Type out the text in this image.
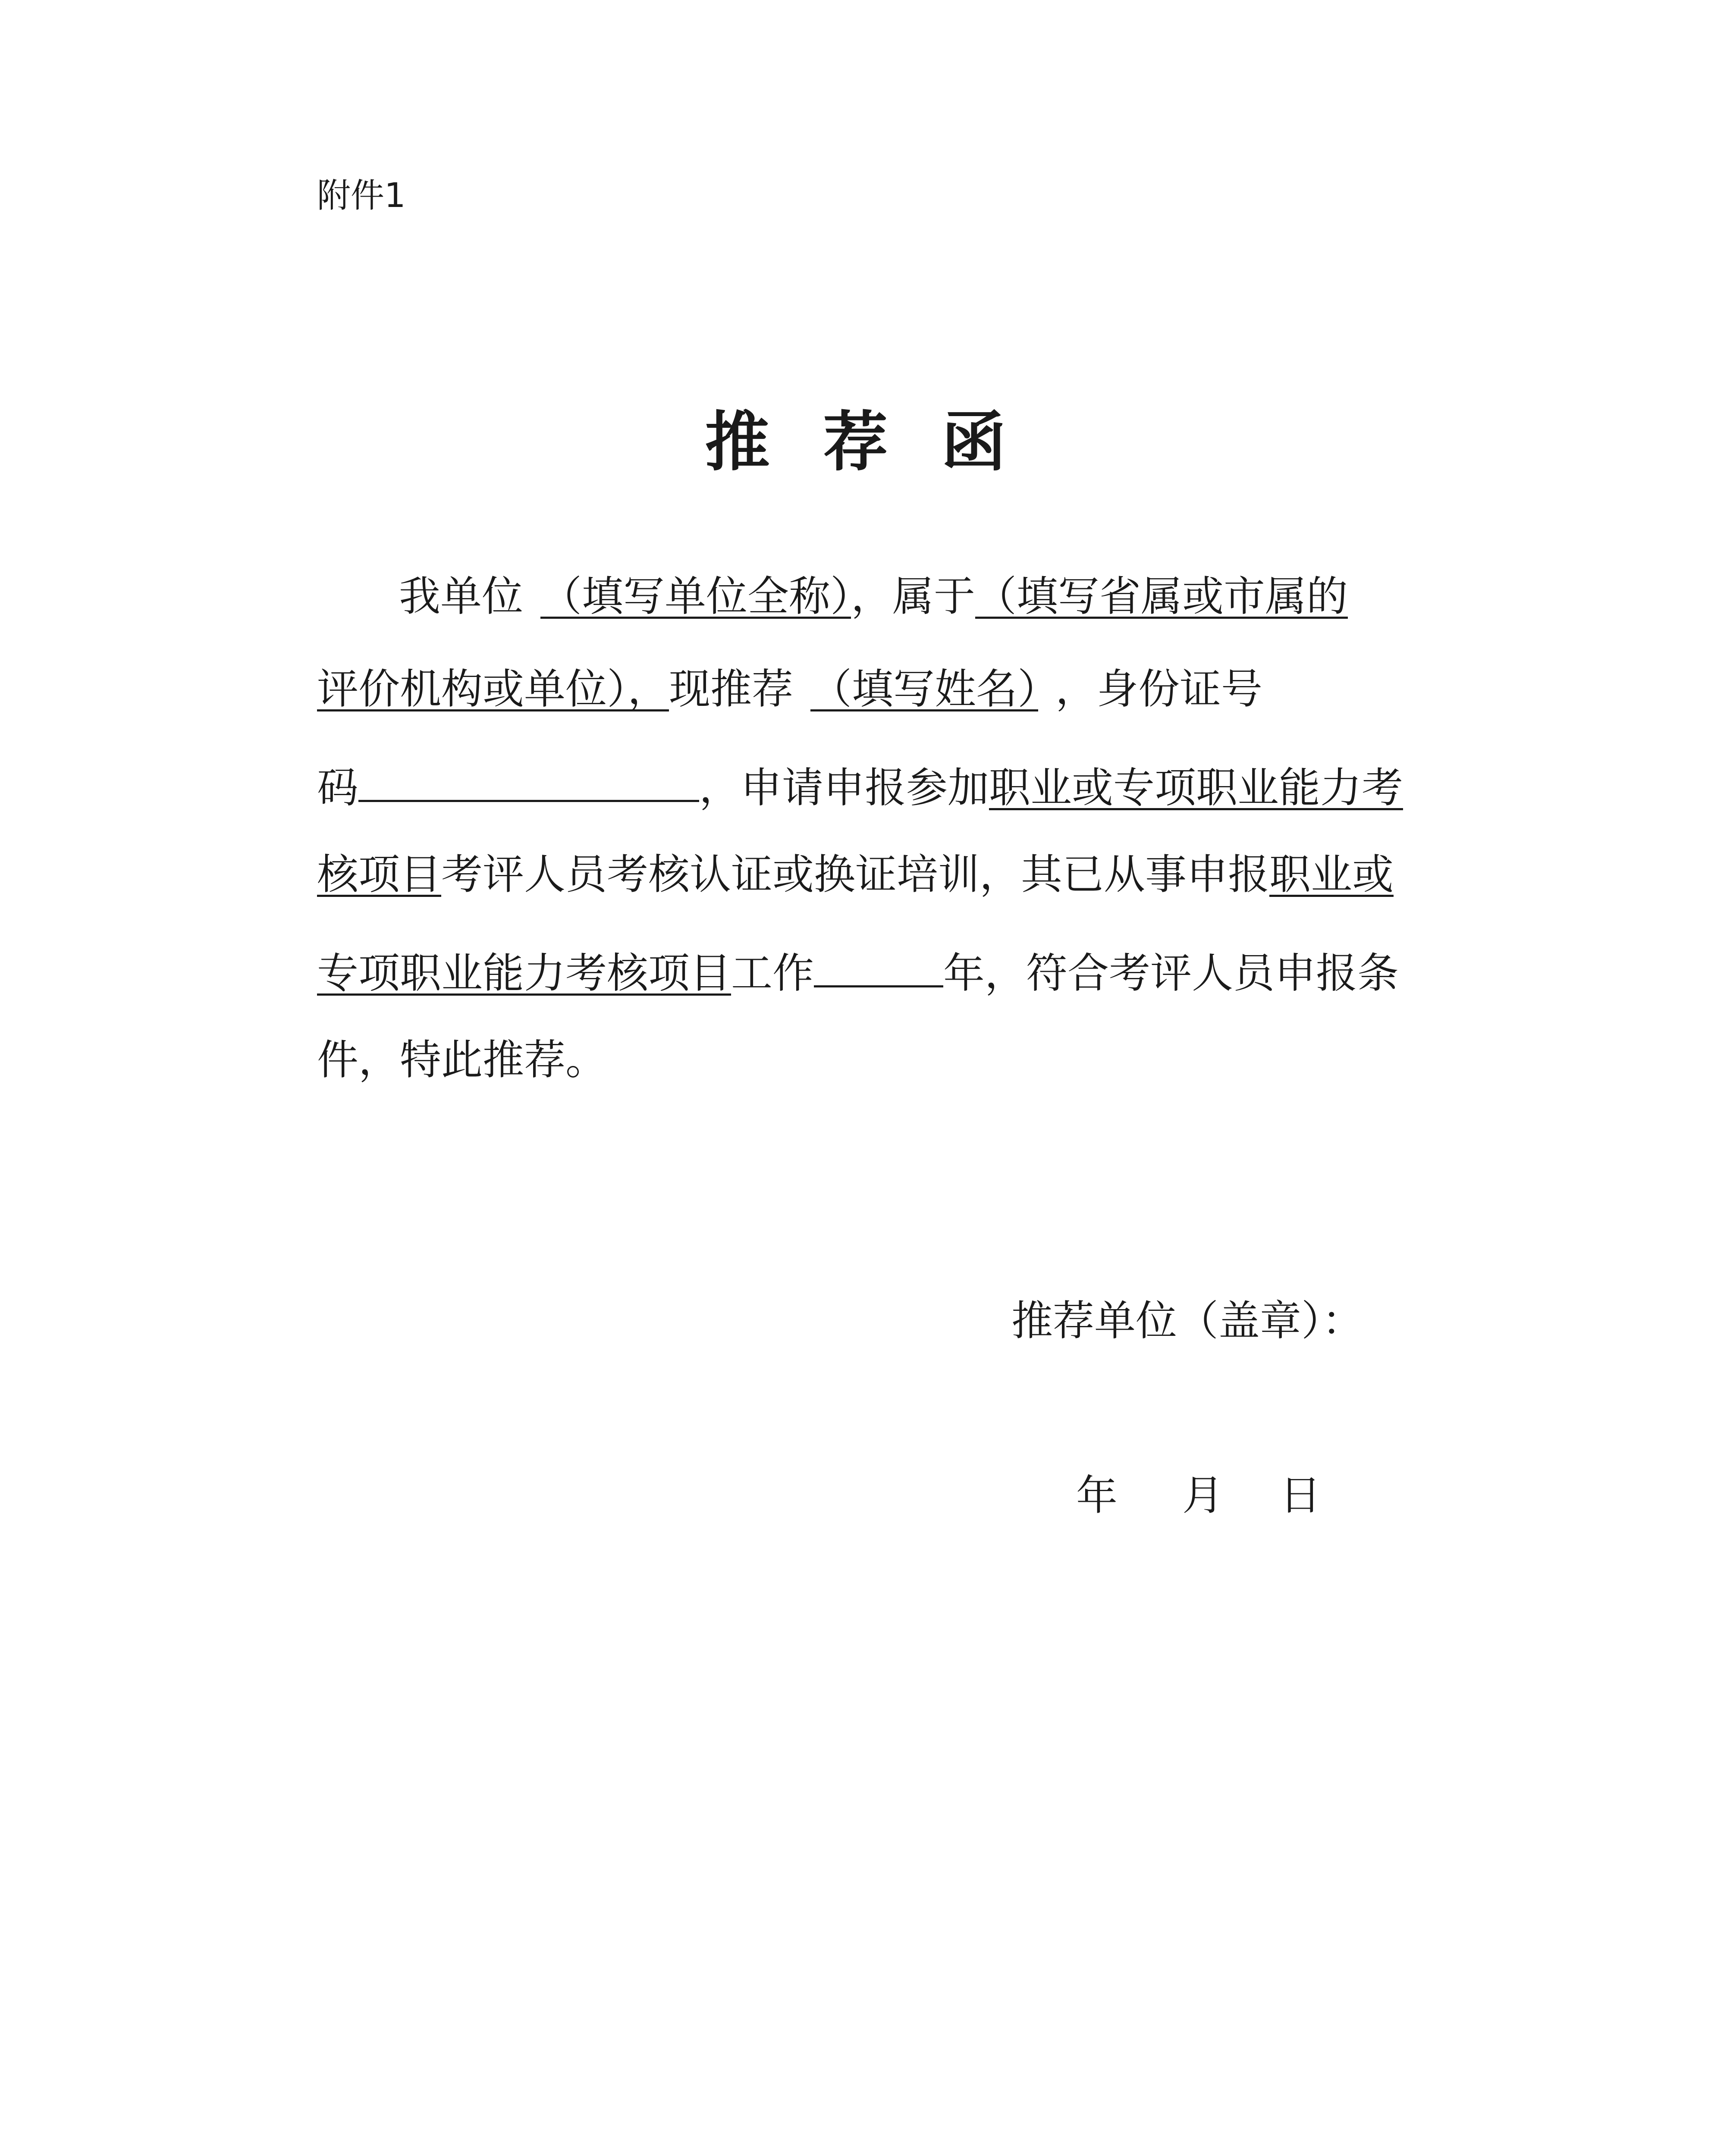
附件1
推 荐 函
我单位 （填写单位全称），属于（填写省属或市属的
评价机构或单位），现推荐 （填写姓名） ，身份证号
码	，申请申报参加职业或专项职业能力考
核项目考评人员考核认证或换证培训，其已从事申报职业或
专项职业能力考核项目工作	年，符合考评人员申报条
件，特此推荐。
推荐单位（盖章）：
年 月 日
